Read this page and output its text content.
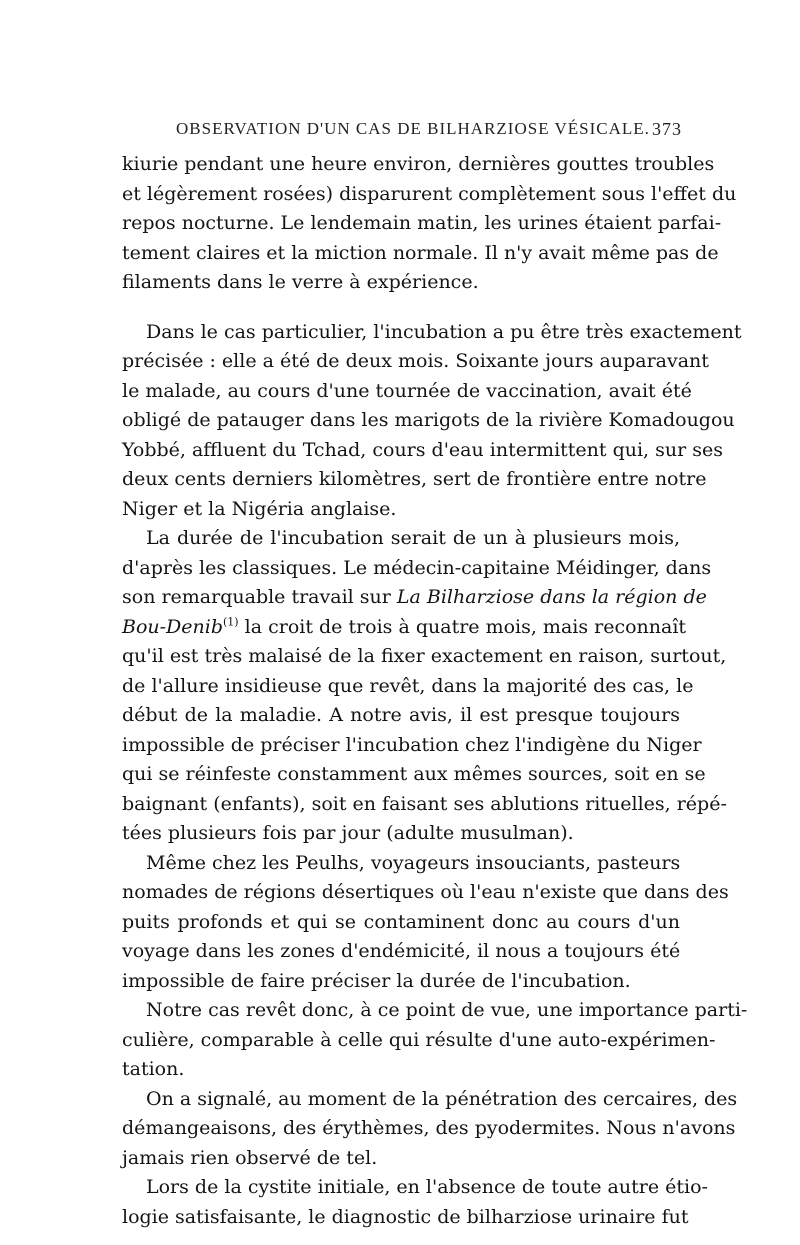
OBSERVATION D'UN CAS DE BILHARZIOSE VÉSICALE. 373
kiurie pendant une heure environ, dernières gouttes troubles
et légèrement rosées) disparurent complètement sous l'effet du
repos nocturne. Le lendemain matin, les urines étaient parfai-
tement claires et la miction normale. Il n'y avait même pas de
filaments dans le verre à expérience.
Dans le cas particulier, l'incubation a pu être très exactement
précisée : elle a été de deux mois. Soixante jours auparavant
le malade, au cours d'une tournée de vaccination, avait été
obligé de patauger dans les marigots de la rivière Komadougou
Yobbé, affluent du Tchad, cours d'eau intermittent qui, sur ses
deux cents derniers kilomètres, sert de frontière entre notre
Niger et la Nigéria anglaise.
La durée de l'incubation serait de un à plusieurs mois,
d'après les classiques. Le médecin-capitaine Méidinger, dans
son remarquable travail sur La Bilharziose dans la région de
Bou-Denib$^{(1)}$ la croit de trois à quatre mois, mais reconnaît
qu'il est très malaisé de la fixer exactement en raison, surtout,
de l'allure insidieuse que revêt, dans la majorité des cas, le
début de la maladie. A notre avis, il est presque toujours
impossible de préciser l'incubation chez l'indigène du Niger
qui se réinfeste constamment aux mêmes sources, soit en se
baignant (enfants), soit en faisant ses ablutions rituelles, répé-
tées plusieurs fois par jour (adulte musulman).
Même chez les Peulhs, voyageurs insouciants, pasteurs
nomades de régions désertiques où l'eau n'existe que dans des
puits profonds et qui se contaminent donc au cours d'un
voyage dans les zones d'endémicité, il nous a toujours été
impossible de faire préciser la durée de l'incubation.
Notre cas revêt donc, à ce point de vue, une importance parti-
culière, comparable à celle qui résulte d'une auto-expérimen-
tation.
On a signalé, au moment de la pénétration des cercaires, des
démangeaisons, des érythèmes, des pyodermites. Nous n'avons
jamais rien observé de tel.
Lors de la cystite initiale, en l'absence de toute autre étio-
logie satisfaisante, le diagnostic de bilharziose urinaire fut
